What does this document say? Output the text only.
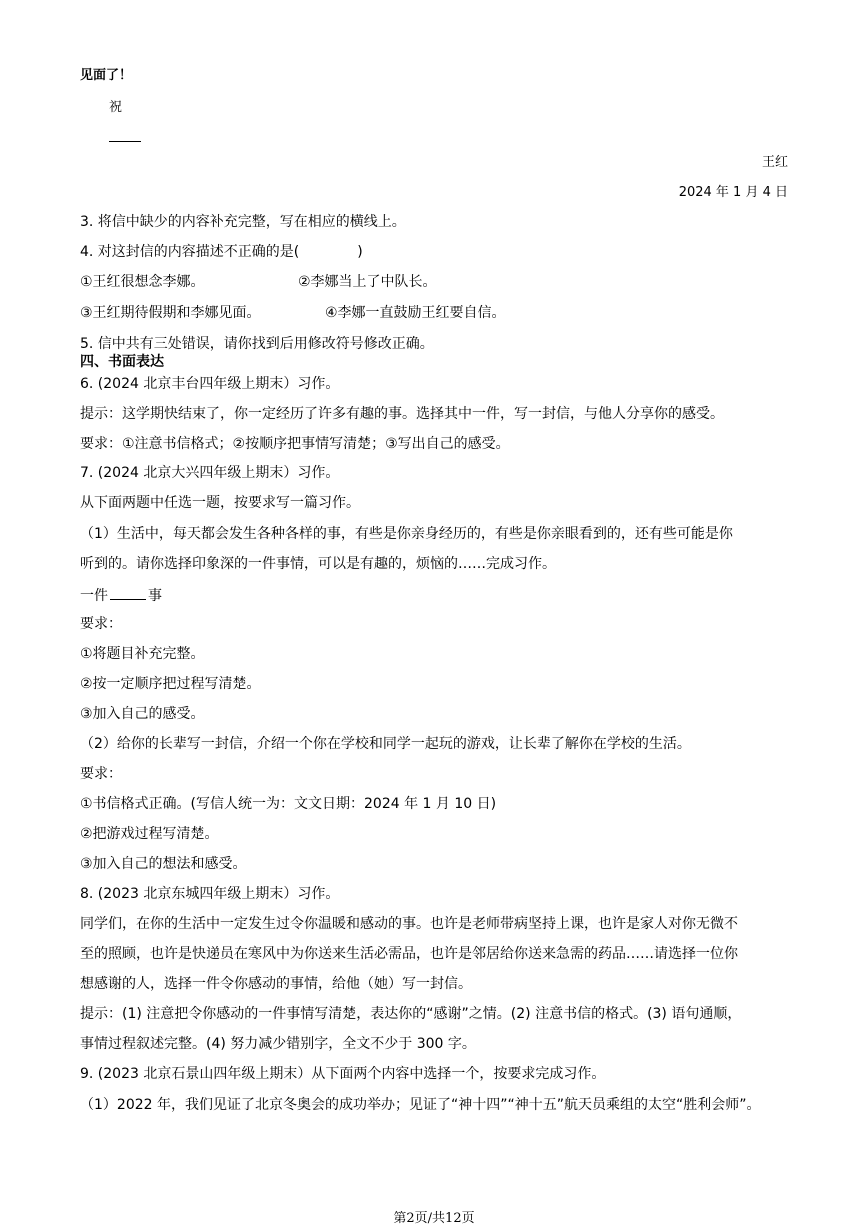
见面了！
祝
王红
2024 年 1 月 4 日
3. 将信中缺少的内容补充完整，写在相应的横线上。
4. 对这封信的内容描述不正确的是(	)
①王红很想念李娜。	②李娜当上了中队长。
③王红期待假期和李娜见面。	④李娜一直鼓励王红要自信。
5. 信中共有三处错误，请你找到后用修改符号修改正确。
四、书面表达
6. (2024 北京丰台四年级上期末）习作。
提示：这学期快结束了，你一定经历了许多有趣的事。选择其中一件，写一封信，与他人分享你的感受。
要求：①注意书信格式；②按顺序把事情写清楚；③写出自己的感受。
7. (2024 北京大兴四年级上期末）习作。
从下面两题中任选一题，按要求写一篇习作。
（1）生活中，每天都会发生各种各样的事，有些是你亲身经历的，有些是你亲眼看到的，还有些可能是你
听到的。请你选择印象深的一件事情，可以是有趣的，烦恼的……完成习作。
一件	事
要求：
①将题目补充完整。
②按一定顺序把过程写清楚。
③加入自己的感受。
（2）给你的长辈写一封信，介绍一个你在学校和同学一起玩的游戏，让长辈了解你在学校的生活。
要求：
①书信格式正确。(写信人统一为：文文日期：2024 年 1 月 10 日)
②把游戏过程写清楚。
③加入自己的想法和感受。
8. (2023 北京东城四年级上期末）习作。
同学们，在你的生活中一定发生过令你温暖和感动的事。也许是老师带病坚持上课，也许是家人对你无微不
至的照顾，也许是快递员在寒风中为你送来生活必需品，也许是邻居给你送来急需的药品……请选择一位你
想感谢的人，选择一件令你感动的事情，给他（她）写一封信。
提示：(1) 注意把令你感动的一件事情写清楚，表达你的“感谢”之情。(2) 注意书信的格式。(3) 语句通顺，
事情过程叙述完整。(4) 努力减少错别字，全文不少于 300 字。
9. (2023 北京石景山四年级上期末）从下面两个内容中选择一个，按要求完成习作。
（1）2022 年，我们见证了北京冬奥会的成功举办；见证了“神十四”“神十五”航天员乘组的太空“胜利会师”。
第2页/共12页
